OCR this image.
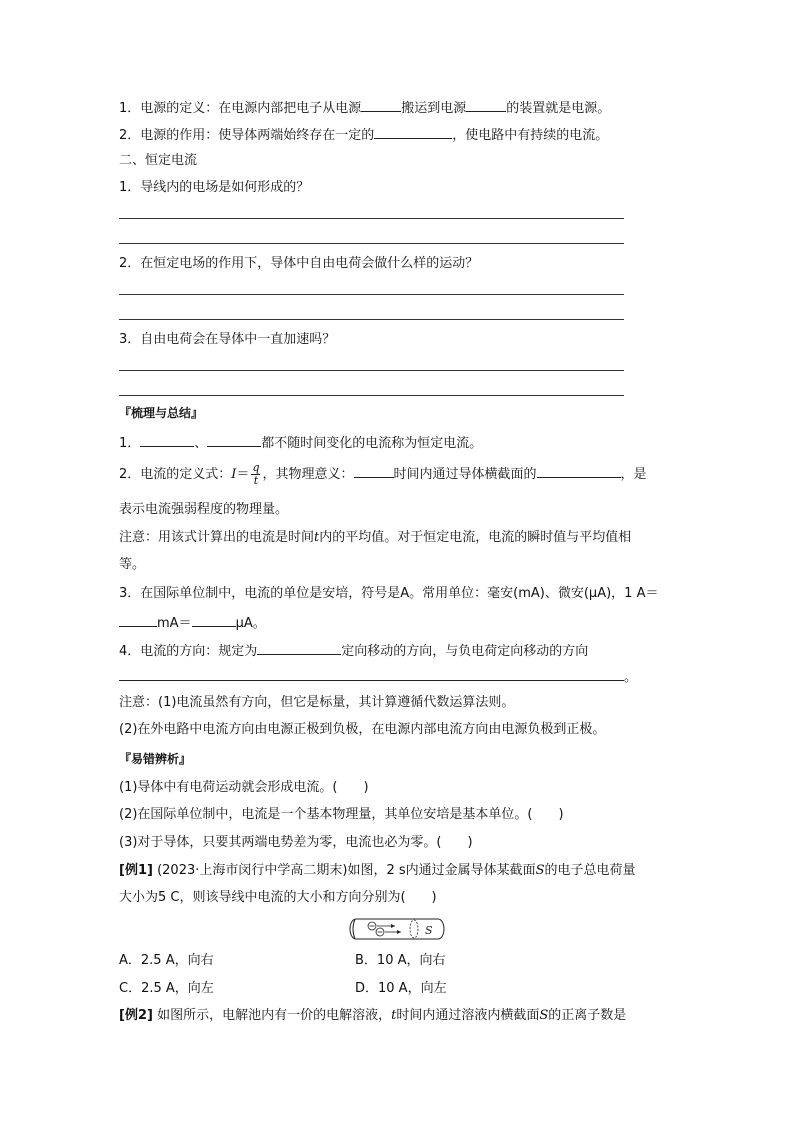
1．电源的定义：在电源内部把电子从电源	搬运到电源	的装置就是电源。
2．电源的作用：使导体两端始终存在一定的	，使电路中有持续的电流。
二、恒定电流
1．导线内的电场是如何形成的？
2．在恒定电场的作用下，导体中自由电荷会做什么样的运动？
3．自由电荷会在导体中一直加速吗？
『梳理与总结』
1．	、	都不随时间变化的电流称为恒定电流。
2．电流的定义式：$I= \frac{q}{t}$ ，其物理意义：	时间内通过导体横截面的	，是
表示电流强弱程度的物理量。
注意：用该式计算出的电流是时间t内的平均值。对于恒定电流，电流的瞬时值与平均值相
等。
3．在国际单位制中，电流的单位是安培，符号是A。常用单位：毫安(mA)、微安(μA)，1 A＝
mA＝	μA。
4．电流的方向：规定为	定向移动的方向，与负电荷定向移动的方向
。
注意：(1)电流虽然有方向，但它是标量，其计算遵循代数运算法则。
(2)在外电路中电流方向由电源正极到负极，在电源内部电流方向由电源负极到正极。
『易错辨析』
(1)导体中有电荷运动就会形成电流。(　　)
(2)在国际单位制中，电流是一个基本物理量，其单位安培是基本单位。(　　)
(3)对于导体，只要其两端电势差为零，电流也必为零。(　　)
[例1] (2023·上海市闵行中学高二期末)如图，2 s内通过金属导体某截面S的电子总电荷量
大小为5 C，则该导线中电流的大小和方向分别为(　　)
S
A．2.5 A，向右	B．10 A，向右
C．2.5 A，向左	D．10 A，向左
[例2] 如图所示，电解池内有一价的电解溶液，t时间内通过溶液内横截面S的正离子数是
